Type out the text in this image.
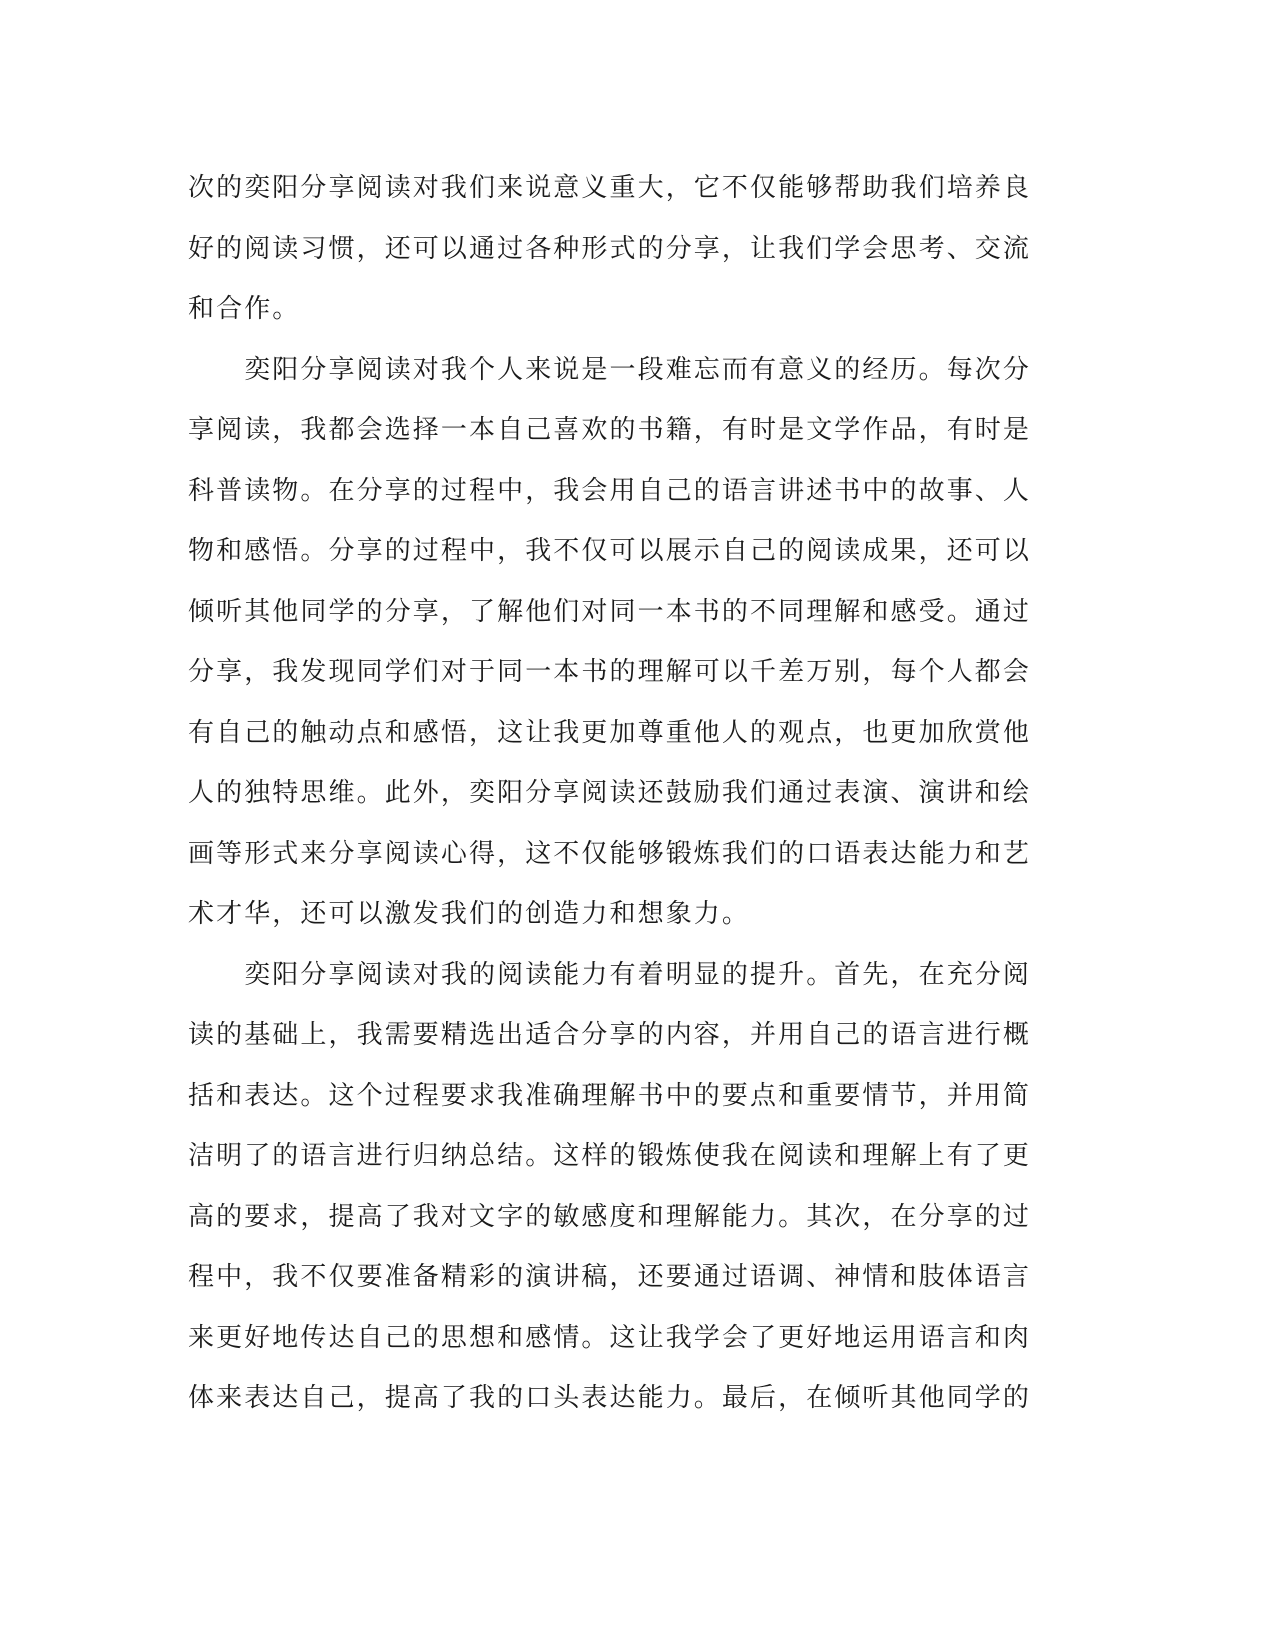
次的奕阳分享阅读对我们来说意义重大，它不仅能够帮助我们培养良
好的阅读习惯，还可以通过各种形式的分享，让我们学会思考、交流
和合作。
　　奕阳分享阅读对我个人来说是一段难忘而有意义的经历。每次分
享阅读，我都会选择一本自己喜欢的书籍，有时是文学作品，有时是
科普读物。在分享的过程中，我会用自己的语言讲述书中的故事、人
物和感悟。分享的过程中，我不仅可以展示自己的阅读成果，还可以
倾听其他同学的分享，了解他们对同一本书的不同理解和感受。通过
分享，我发现同学们对于同一本书的理解可以千差万别，每个人都会
有自己的触动点和感悟，这让我更加尊重他人的观点，也更加欣赏他
人的独特思维。此外，奕阳分享阅读还鼓励我们通过表演、演讲和绘
画等形式来分享阅读心得，这不仅能够锻炼我们的口语表达能力和艺
术才华，还可以激发我们的创造力和想象力。
　　奕阳分享阅读对我的阅读能力有着明显的提升。首先，在充分阅
读的基础上，我需要精选出适合分享的内容，并用自己的语言进行概
括和表达。这个过程要求我准确理解书中的要点和重要情节，并用简
洁明了的语言进行归纳总结。这样的锻炼使我在阅读和理解上有了更
高的要求，提高了我对文字的敏感度和理解能力。其次，在分享的过
程中，我不仅要准备精彩的演讲稿，还要通过语调、神情和肢体语言
来更好地传达自己的思想和感情。这让我学会了更好地运用语言和肉
体来表达自己，提高了我的口头表达能力。最后，在倾听其他同学的
